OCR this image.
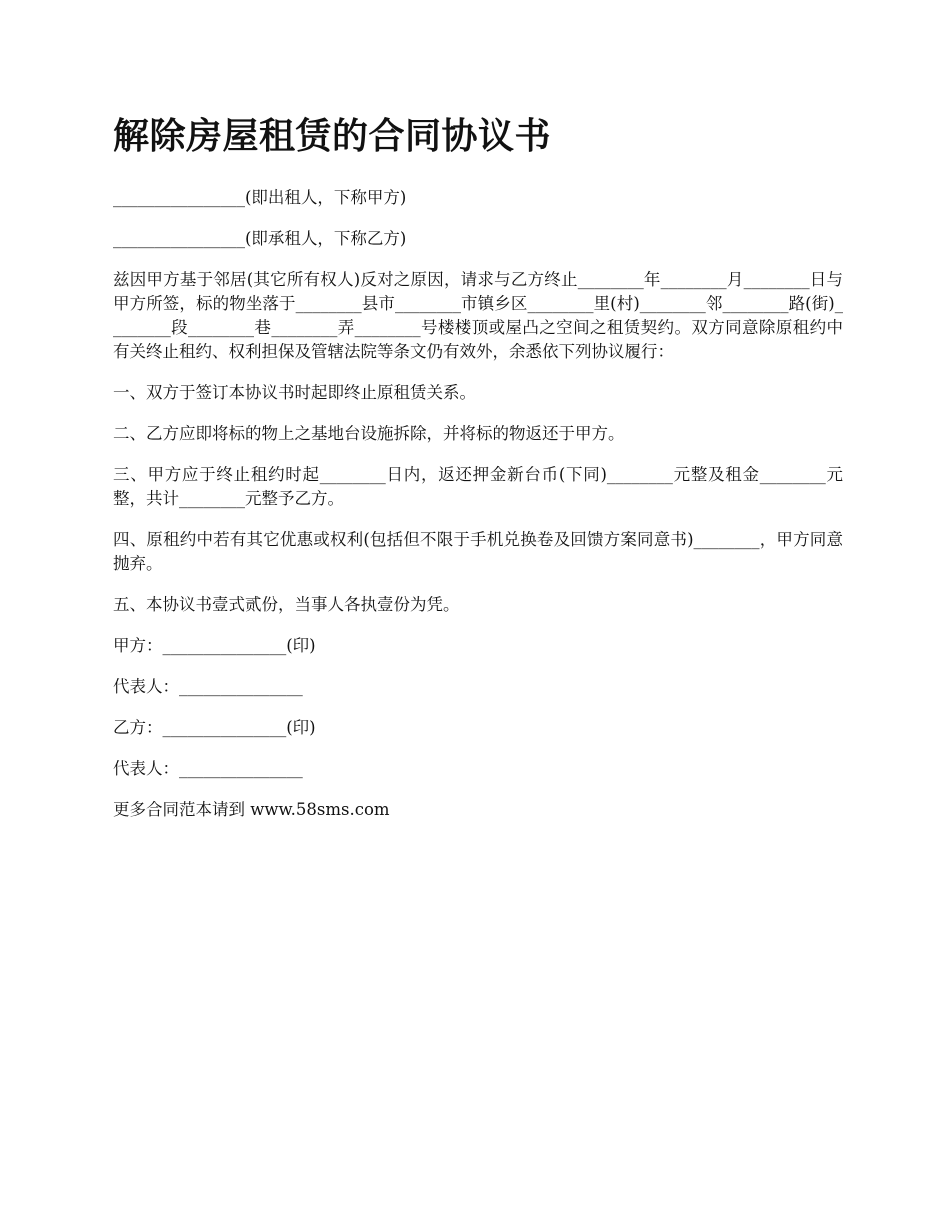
解除房屋租赁的合同协议书

________________(即出租人，下称甲方)

________________(即承租人，下称乙方)

兹因甲方基于邻居(其它所有权人)反对之原因，请求与乙方终止________年________月________日与甲方所签，标的物坐落于________县市________市镇乡区________里(村)________邻________路(街)________段________巷________弄________号楼楼顶或屋凸之空间之租赁契约。双方同意除原租约中有关终止租约、权利担保及管辖法院等条文仍有效外，余悉依下列协议履行：

一、双方于签订本协议书时起即终止原租赁关系。

二、乙方应即将标的物上之基地台设施拆除，并将标的物返还于甲方。

三、甲方应于终止租约时起________日内，返还押金新台币(下同)________元整及租金________元整，共计________元整予乙方。

四、原租约中若有其它优惠或权利(包括但不限于手机兑换卷及回馈方案同意书)________，甲方同意抛弃。

五、本协议书壹式贰份，当事人各执壹份为凭。

甲方：_______________(印)

代表人：_______________

乙方：_______________(印)

代表人：_______________

更多合同范本请到 www.58sms.com
